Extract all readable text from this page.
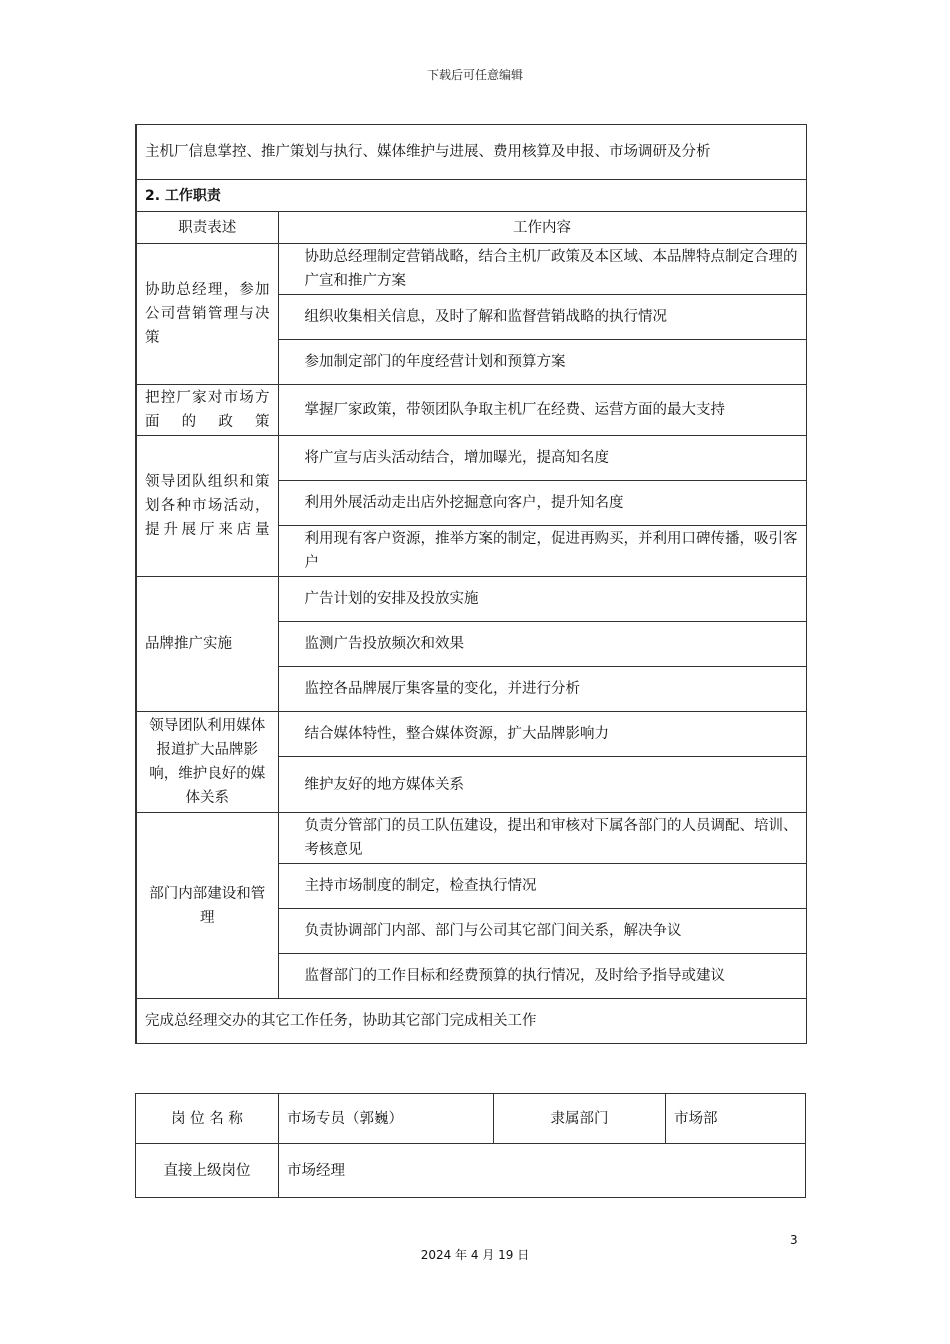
下载后可任意编辑
主机厂信息掌控、推广策划与执行、媒体维护与进展、费用核算及申报、市场调研及分析	
2. 工作职责	
职责表述	工作内容
协助总经理，参加公司营销管理与决策	协助总经理制定营销战略，结合主机厂政策及本区域、本品牌特点制定合理的广宣和推广方案
	组织收集相关信息，及时了解和监督营销战略的执行情况
	参加制定部门的年度经营计划和预算方案
把控厂家对市场方面的政策	掌握厂家政策，带领团队争取主机厂在经费、运营方面的最大支持
领导团队组织和策划各种市场活动，提升展厅来店量	将广宣与店头活动结合，增加曝光，提高知名度
	利用外展活动走出店外挖掘意向客户，提升知名度
	利用现有客户资源，推举方案的制定，促进再购买，并利用口碑传播，吸引客户
品牌推广实施	广告计划的安排及投放实施
	监测广告投放频次和效果
	监控各品牌展厅集客量的变化，并进行分析
领导团队利用媒体报道扩大品牌影响，维护良好的媒体关系	结合媒体特性，整合媒体资源，扩大品牌影响力
	维护友好的地方媒体关系
部门内部建设和管理	负责分管部门的员工队伍建设，提出和审核对下属各部门的人员调配、培训、考核意见
	主持市场制度的制定，检查执行情况
	负责协调部门内部、部门与公司其它部门间关系，解决争议
	监督部门的工作目标和经费预算的执行情况，及时给予指导或建议
完成总经理交办的其它工作任务，协助其它部门完成相关工作	
岗 位 名 称	市场专员（郭巍）	隶属部门	市场部
直接上级岗位	市场经理		
3
2024 年 4 月 19 日
